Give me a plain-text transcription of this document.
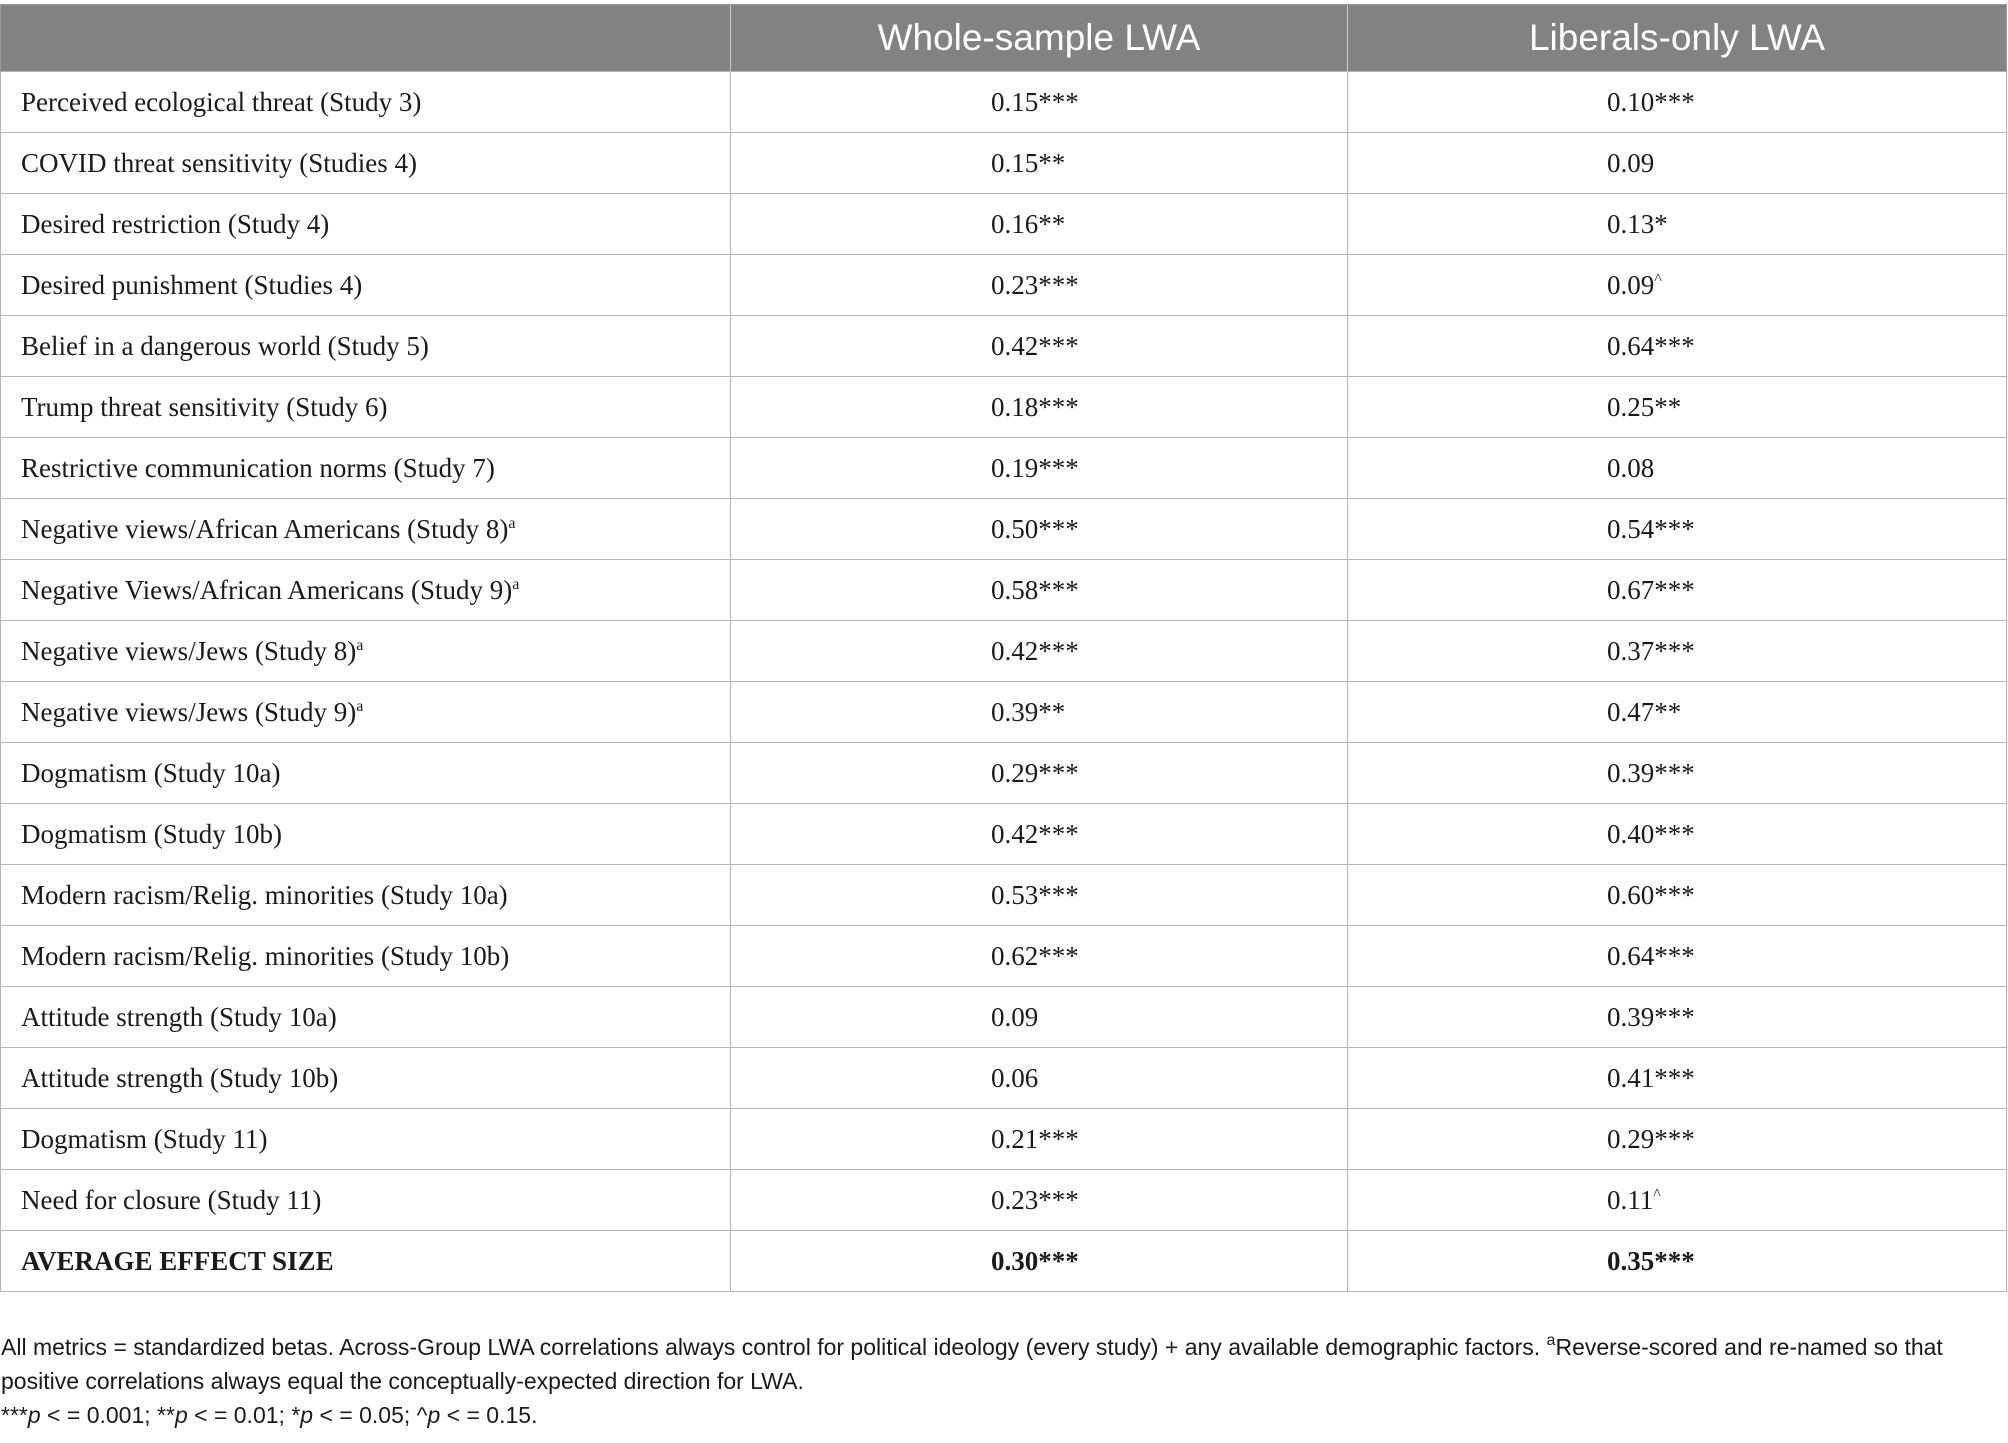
	Whole-sample LWA	Liberals-only LWA
Perceived ecological threat (Study 3)	0.15***	0.10***
COVID threat sensitivity (Studies 4)	0.15**	0.09
Desired restriction (Study 4)	0.16**	0.13*
Desired punishment (Studies 4)	0.23***	0.09^
Belief in a dangerous world (Study 5)	0.42***	0.64***
Trump threat sensitivity (Study 6)	0.18***	0.25**
Restrictive communication norms (Study 7)	0.19***	0.08
Negative views/African Americans (Study 8)$^a$	0.50***	0.54***
Negative Views/African Americans (Study 9)$^a$	0.58***	0.67***
Negative views/Jews (Study 8)$^a$	0.42***	0.37***
Negative views/Jews (Study 9)$^a$	0.39**	0.47**
Dogmatism (Study 10a)	0.29***	0.39***
Dogmatism (Study 10b)	0.42***	0.40***
Modern racism/Relig. minorities (Study 10a)	0.53***	0.60***
Modern racism/Relig. minorities (Study 10b)	0.62***	0.64***
Attitude strength (Study 10a)	0.09	0.39***
Attitude strength (Study 10b)	0.06	0.41***
Dogmatism (Study 11)	0.21***	0.29***
Need for closure (Study 11)	0.23***	0.11^
AVERAGE EFFECT SIZE	0.30***	0.35***

All metrics = standardized betas. Across-Group LWA correlations always control for political ideology (every study) + any available demographic factors. $^a$Reverse-scored and re-named so that positive correlations always equal the conceptually-expected direction for LWA.

***p < = 0.001; **p < = 0.01; *p < = 0.05; ^p < = 0.15.
